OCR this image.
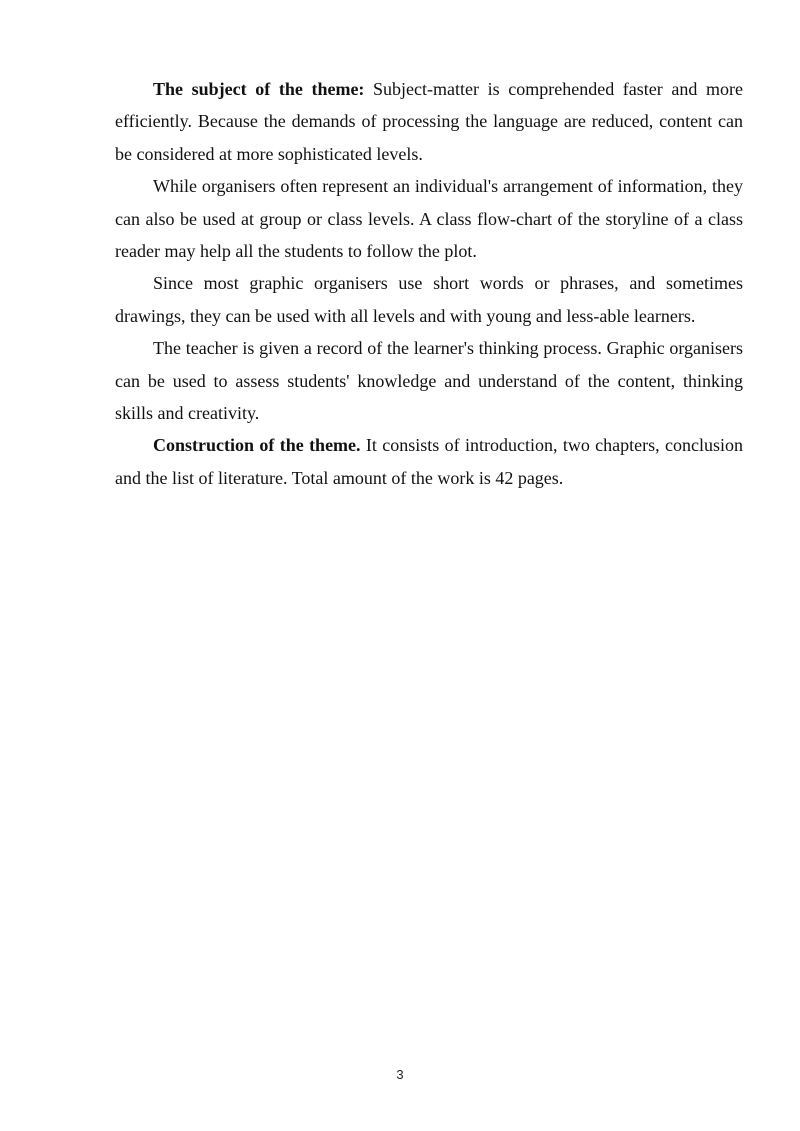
The subject of the theme: Subject-matter is comprehended faster and more efficiently. Because the demands of processing the language are reduced, content can be considered at more sophisticated levels.

While organisers often represent an individual's arrangement of information, they can also be used at group or class levels. A class flow-chart of the storyline of a class reader may help all the students to follow the plot.

Since most graphic organisers use short words or phrases, and sometimes drawings, they can be used with all levels and with young and less-able learners.

The teacher is given a record of the learner's thinking process. Graphic organisers can be used to assess students' knowledge and understand of the content, thinking skills and creativity.

Construction of the theme. It consists of introduction, two chapters, conclusion and the list of literature. Total amount of the work is 42 pages.

3
